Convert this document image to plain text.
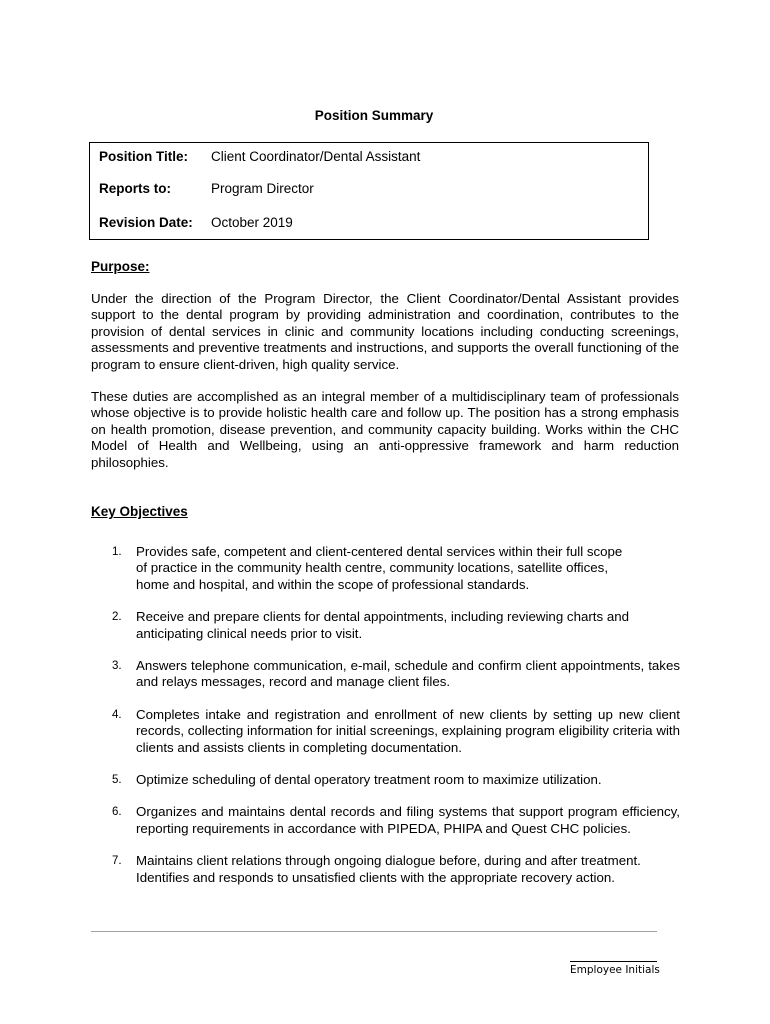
Position Summary
Position Title: Client Coordinator/Dental Assistant
Reports to:	Program Director
Revision Date: October 2019
Purpose:
Under the direction of the Program Director, the Client Coordinator/Dental Assistant provides support to the dental program by providing administration and coordination, contributes to the provision of dental services in clinic and community locations including conducting screenings, assessments and preventive treatments and instructions, and supports the overall functioning of the program to ensure client-driven, high quality service.
These duties are accomplished as an integral member of a multidisciplinary team of professionals whose objective is to provide holistic health care and follow up. The position has a strong emphasis on health promotion, disease prevention, and community capacity building. Works within the CHC Model of Health and Wellbeing, using an anti-oppressive framework and harm reduction philosophies.
Key Objectives
1. Provides safe, competent and client-centered dental services within their full scope of practice in the community health centre, community locations, satellite offices, home and hospital, and within the scope of professional standards.
2. Receive and prepare clients for dental appointments, including reviewing charts and anticipating clinical needs prior to visit.
3. Answers telephone communication, e-mail, schedule and confirm client appointments, takes and relays messages, record and manage client files.
4. Completes intake and registration and enrollment of new clients by setting up new client records, collecting information for initial screenings, explaining program eligibility criteria with clients and assists clients in completing documentation.
5. Optimize scheduling of dental operatory treatment room to maximize utilization.
6. Organizes and maintains dental records and filing systems that support program efficiency, reporting requirements in accordance with PIPEDA, PHIPA and Quest CHC policies.
7. Maintains client relations through ongoing dialogue before, during and after treatment. Identifies and responds to unsatisfied clients with the appropriate recovery action.
Employee Initials
